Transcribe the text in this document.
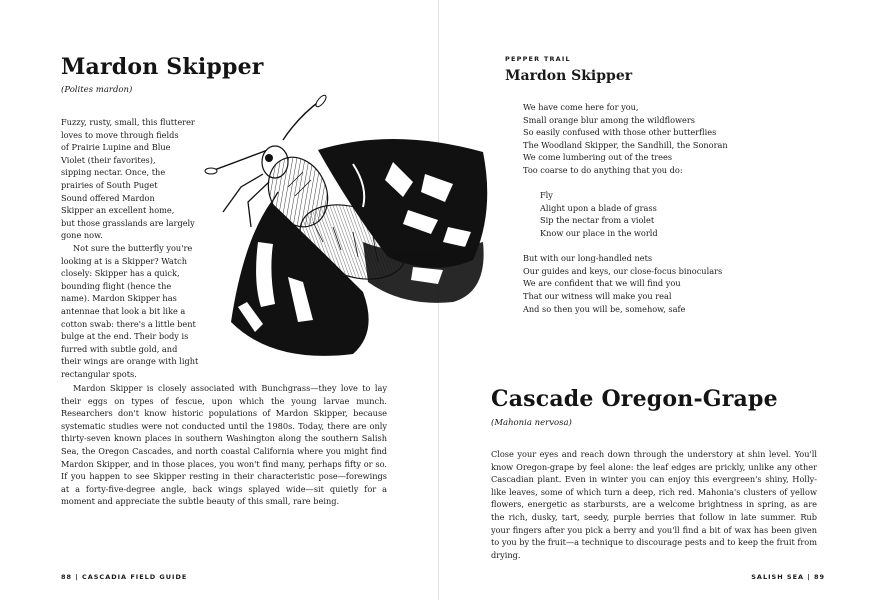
Mardon Skipper

(Polites mardon)

Fuzzy, rusty, small, this flutterer
loves to move through fields
of Prairie Lupine and Blue
Violet (their favorites),
sipping nectar. Once, the
prairies of South Puget
Sound offered Mardon
Skipper an excellent home,
but those grasslands are largely
gone now.
Not sure the butterfly you're
looking at is a Skipper? Watch
closely: Skipper has a quick,
bounding flight (hence the
name). Mardon Skipper has
antennae that look a bit like a
cotton swab: there's a little bent
bulge at the end. Their body is
furred with subtle gold, and
their wings are orange with light
rectangular spots.

Mardon Skipper is closely associated with Bunchgrass—they love to lay their eggs on types of fescue, upon which the young larvae munch. Researchers don't know historic populations of Mardon Skipper, because systematic studies were not conducted until the 1980s. Today, there are only thirty-seven known places in southern Washington along the southern Salish Sea, the Oregon Cascades, and north coastal California where you might find Mardon Skipper, and in those places, you won't find many, perhaps fifty or so. If you happen to see Skipper resting in their characteristic pose—forewings at a forty-five-degree angle, back wings splayed wide—sit quietly for a moment and appreciate the subtle beauty of this small, rare being.

88 | CASCADIA FIELD GUIDE
PEPPER TRAIL
Mardon Skipper
We have come here for you,
Small orange blur among the wildflowers
So easily confused with those other butterflies
The Woodland Skipper, the Sandhill, the Sonoran
We come lumbering out of the trees
Too coarse to do anything that you do:
Fly
Alight upon a blade of grass
Sip the nectar from a violet
Know our place in the world
But with our long-handled nets
Our guides and keys, our close-focus binoculars
We are confident that we will find you
That our witness will make you real
And so then you will be, somehow, safe
Cascade Oregon-Grape

(Mahonia nervosa)

Close your eyes and reach down through the understory at shin level. You'll know Oregon-grape by feel alone: the leaf edges are prickly, unlike any other Cascadian plant. Even in winter you can enjoy this evergreen's shiny, Holly-like leaves, some of which turn a deep, rich red. Mahonia's clusters of yellow flowers, energetic as starbursts, are a welcome brightness in spring, as are the rich, dusky, tart, seedy, purple berries that follow in late summer. Rub your fingers after you pick a berry and you'll find a bit of wax has been given to you by the fruit—a technique to discourage pests and to keep the fruit from drying.

SALISH SEA | 89
